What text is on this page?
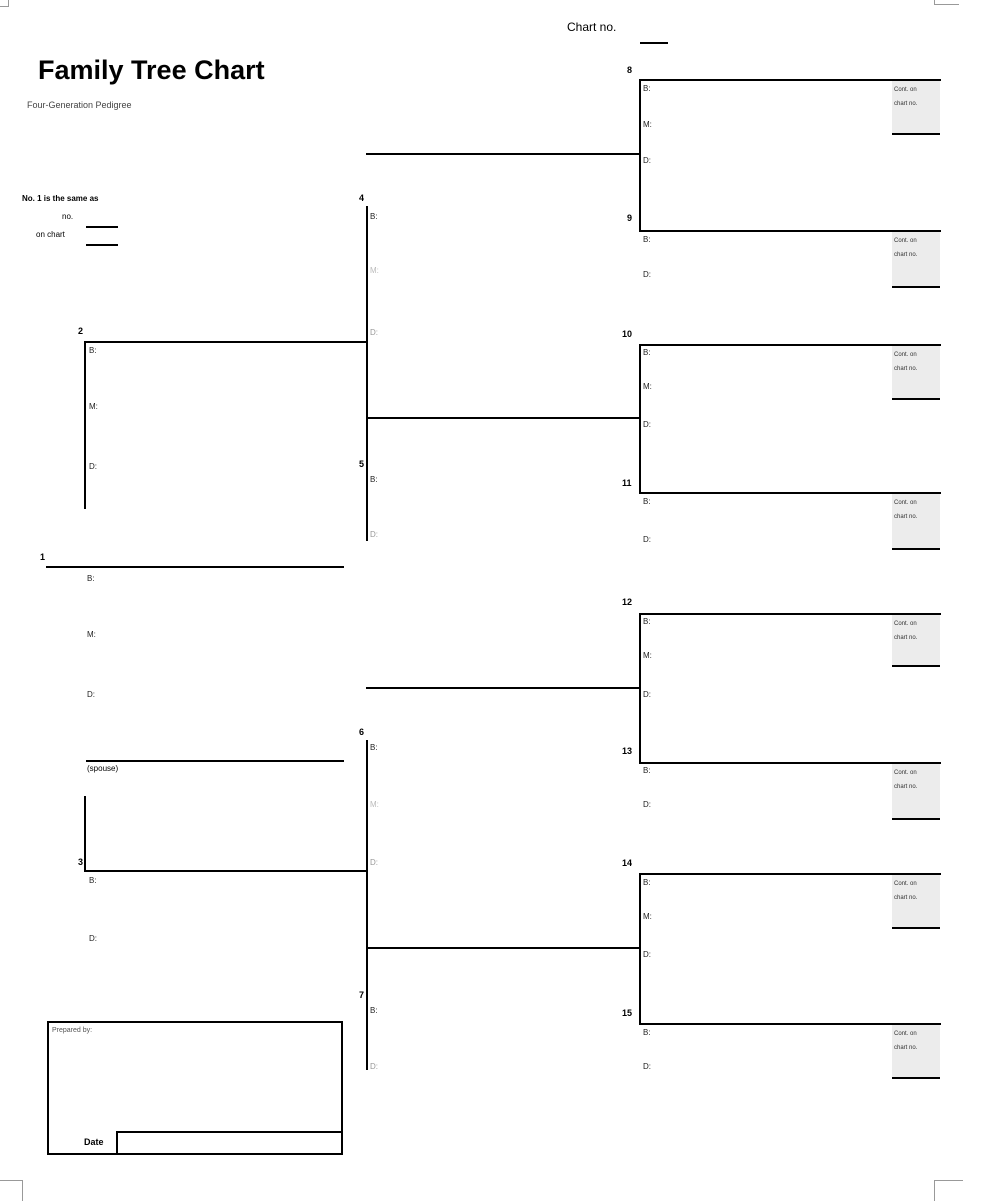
Family Tree Chart
Four-Generation Pedigree
Chart no.
No. 1 is the same as
no.
on chart
1
B:
M:
D:
(spouse)
2
B:
M:
D:
3
B:
D:
Prepared by:
Date
4
B:
M:
D:
5
B:
D:
6
B:
M:
D:
7
B:
D:
8
B:
M:
D:
Cont. on
chart no.
9
B:
D:
Cont. on
chart no.
10
B:
M:
D:
Cont. on
chart no.
11
B:
D:
Cont. on
chart no.
12
B:
M:
D:
Cont. on
chart no.
13
B:
D:
Cont. on
chart no.
14
B:
M:
D:
Cont. on
chart no.
15
B:
D:
Cont. on
chart no.
